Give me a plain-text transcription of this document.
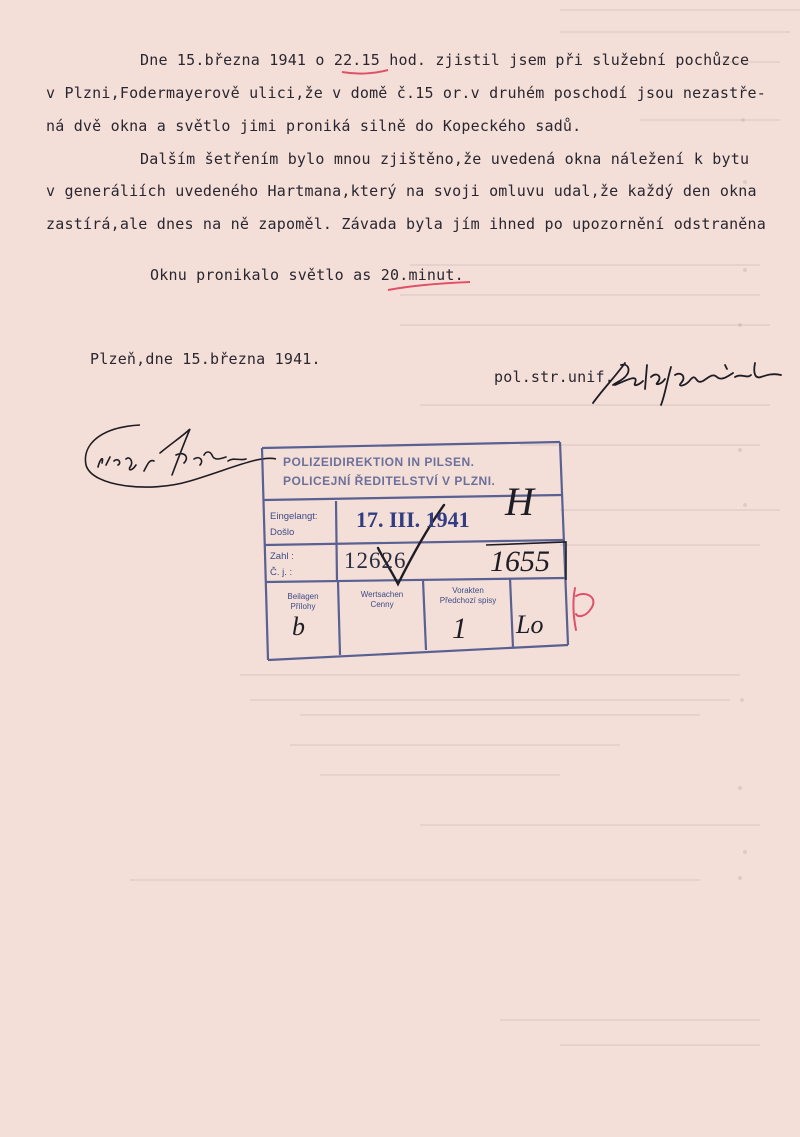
Dne 15.března 1941 o 22.15 hod. zjistil jsem při služební pochůzce
v Plzni,Fodermayerově ulici,že v domě č.15 or.v druhém poschodí jsou nezastře-
ná dvě okna a světlo jimi proniká silně do Kopeckého sadů.
Dalším šetřením bylo mnou zjištěno,že uvedená okna náležení k bytu
v generáliích uvedeného Hartmana,který na svoji omluvu udal,že každý den okna
zastírá,ale dnes na ně zapoměl. Závada byla jím ihned po upozornění odstraněna
Oknu pronikalo světlo as 20.minut.
Plzeň,dne 15.března 1941.
pol.str.unif.
POLIZEIDIREKTION IN PILSEN.
POLICEJNÍ ŘEDITELSTVÍ V PLZNI.
Eingelangt:
Došlo
17. III. 1941 H
Zahl :
Č. j. : 12626	1655
Beilagen
Přílohy
b
Wertsachen
Cenny
Vorakten
Předchozí spisy
1 Lo
